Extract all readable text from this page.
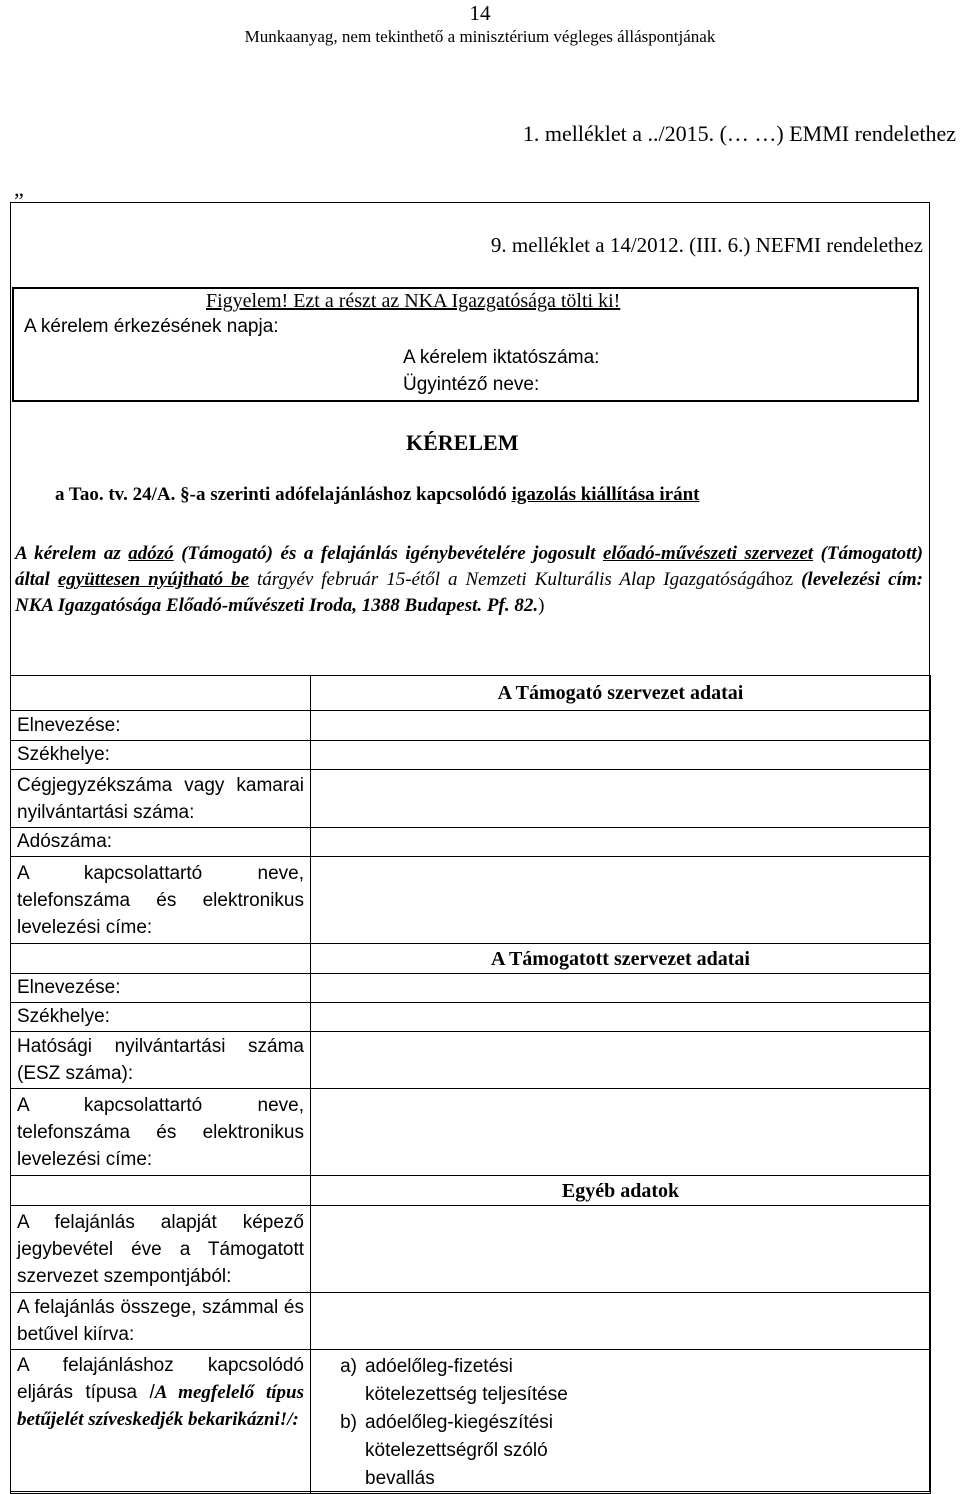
14
Munkaanyag, nem tekinthető a minisztérium végleges álláspontjának
1. melléklet a ../2015. (… …) EMMI rendelethez
„
9. melléklet a 14/2012. (III. 6.) NEFMI rendelethez
Figyelem! Ezt a részt az NKA Igazgatósága tölti ki!
A kérelem érkezésének napja:
A kérelem iktatószáma:
Ügyintéző neve:
KÉRELEM
a Tao. tv. 24/A. §-a szerinti adófelajánláshoz kapcsolódó igazolás kiállítása iránt

A kérelem az adózó (Támogató) és a felajánlás igénybevételére jogosult előadó-művészeti szervezet (Támogatott) által együttesen nyújtható be tárgyév február 15-étől a Nemzeti Kulturális Alap Igazgatóságához (levelezési cím: NKA Igazgatósága Előadó-művészeti Iroda, 1388 Budapest. Pf. 82.)

	A Támogató szervezet adatai
Elnevezése:	
Székhelye:	
Cégjegyzékszáma vagy kamarai nyilvántartási száma:	
Adószáma:	
A kapcsolattartó neve, telefonszáma és elektronikus levelezési címe:	
	A Támogatott szervezet adatai
Elnevezése:	
Székhelye:	
Hatósági nyilvántartási száma (ESZ száma):	
A kapcsolattartó neve, telefonszáma és elektronikus levelezési címe:	
	Egyéb adatok
A felajánlás alapját képező jegybevétel éve a Támogatott szervezet szempontjából:	
A felajánlás összege, számmal és betűvel kiírva:	
A felajánláshoz kapcsolódó eljárás típusa /A megfelelő típus betűjelét szíveskedjék bekarikázni!/:	a) adóelőleg-fizetési kötelezettség teljesítése
b) adóelőleg-kiegészítési kötelezettségről szóló bevallás
